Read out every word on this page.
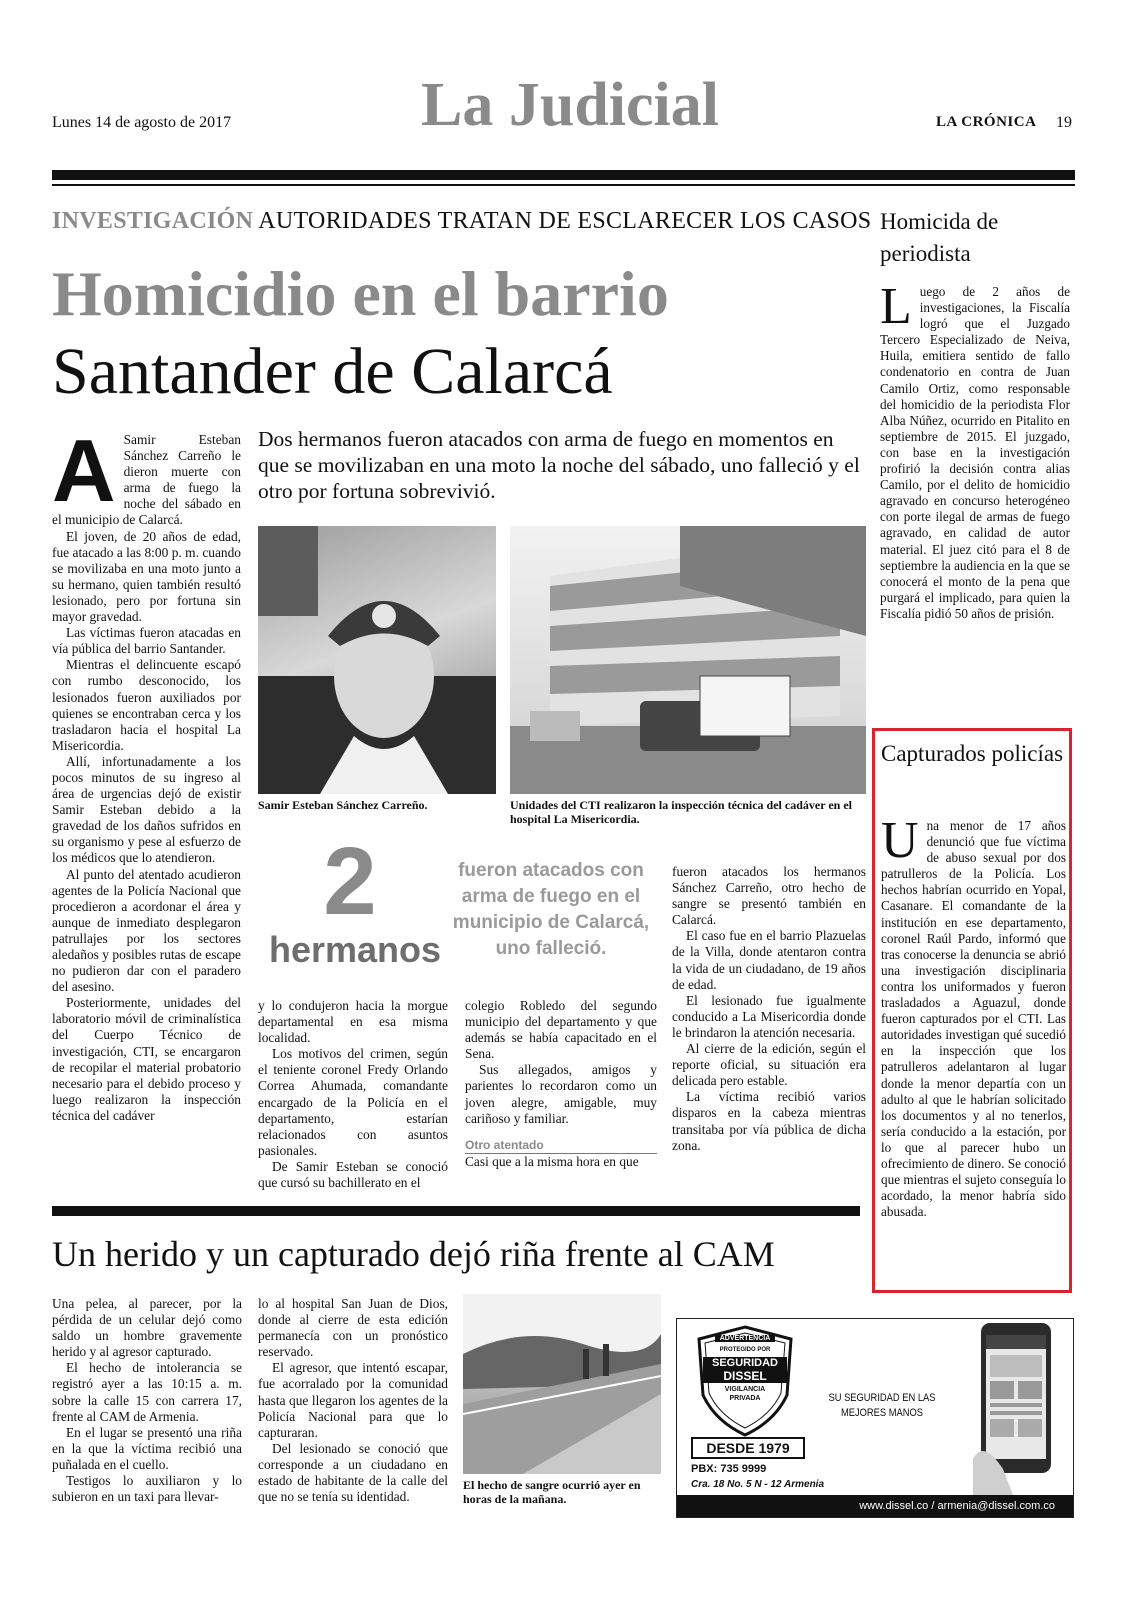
Lunes 14 de agosto de 2017	La Judicial	LA CRÓNICA 19
INVESTIGACIÓN AUTORIDADES TRATAN DE ESCLARECER LOS CASOS
Homicidio en el barrio
Santander de Calarcá
Dos hermanos fueron atacados con arma de fuego en momentos en que se movilizaban en una moto la noche del sábado, uno falleció y el otro por fortuna sobrevivió.
A Samir Esteban Sánchez Carreño le dieron muerte con arma de fuego la noche del sábado en el municipio de Calarcá.

El joven, de 20 años de edad, fue atacado a las 8:00 p. m. cuando se movilizaba en una moto junto a su hermano, quien también resultó lesionado, pero por fortuna sin mayor gravedad.

Las víctimas fueron atacadas en vía pública del barrio Santander.

Mientras el delincuente escapó con rumbo desconocido, los lesionados fueron auxiliados por quienes se encontraban cerca y los trasladaron hacia el hospital La Misericordia.

Allí, infortunadamente a los pocos minutos de su ingreso al área de urgencias dejó de existir Samir Esteban debido a la gravedad de los daños sufridos en su organismo y pese al esfuerzo de los médicos que lo atendieron.

Al punto del atentado acudieron agentes de la Policía Nacional que procedieron a acordonar el área y aunque de inmediato desplegaron patrullajes por los sectores aledaños y posibles rutas de escape no pudieron dar con el paradero del asesino.

Posteriormente, unidades del laboratorio móvil de criminalística del Cuerpo Técnico de investigación, CTI, se encargaron de recopilar el material probatorio necesario para el debido proceso y luego realizaron la inspección técnica del cadáver

Samir Esteban Sánchez Carreño.	Unidades del CTI realizaron la inspección técnica del cadáver en el hospital La Misericordia.
2
hermanos
fueron atacados con arma de fuego en el municipio de Calarcá, uno falleció.

y lo condujeron hacia la morgue departamental en esa misma localidad.

Los motivos del crimen, según el teniente coronel Fredy Orlando Correa Ahumada, comandante encargado de la Policía en el departamento, estarían relacionados con asuntos pasionales.

De Samir Esteban se conoció que cursó su bachillerato en el

colegio Robledo del segundo municipio del departamento y que además se había capacitado en el Sena.

Sus allegados, amigos y parientes lo recordaron como un joven alegre, amigable, muy cariñoso y familiar.

Otro atentado

Casi que a la misma hora en que

fueron atacados los hermanos Sánchez Carreño, otro hecho de sangre se presentó también en Calarcá.

El caso fue en el barrio Plazuelas de la Villa, donde atentaron contra la vida de un ciudadano, de 19 años de edad.

El lesionado fue igualmente conducido a La Misericordia donde le brindaron la atención necesaria.

Al cierre de la edición, según el reporte oficial, su situación era delicada pero estable.

La víctima recibió varios disparos en la cabeza mientras transitaba por vía pública de dicha zona.

Homicida de periodista
L uego de 2 años de investigaciones, la Fiscalía logró que el Juzgado Tercero Especializado de Neiva, Huila, emitiera sentido de fallo condenatorio en contra de Juan Camilo Ortiz, como responsable del homicidio de la periodista Flor Alba Núñez, ocurrido en Pitalito en septiembre de 2015. El juzgado, con base en la investigación profirió la decisión contra alias Camilo, por el delito de homicidio agravado en concurso heterogéneo con porte ilegal de armas de fuego agravado, en calidad de autor material. El juez citó para el 8 de septiembre la audiencia en la que se conocerá el monto de la pena que purgará el implicado, para quien la Fiscalía pidió 50 años de prisión.

Capturados policías
U na menor de 17 años denunció que fue víctima de abuso sexual por dos patrulleros de la Policía. Los hechos habrían ocurrido en Yopal, Casanare. El comandante de la institución en ese departamento, coronel Raúl Pardo, informó que tras conocerse la denuncia se abrió una investigación disciplinaria contra los uniformados y fueron trasladados a Aguazul, donde fueron capturados por el CTI. Las autoridades investigan qué sucedió en la inspección que los patrulleros adelantaron al lugar donde la menor departía con un adulto al que le habrían solicitado los documentos y al no tenerlos, sería conducido a la estación, por lo que al parecer hubo un ofrecimiento de dinero. Se conoció que mientras el sujeto conseguía lo acordado, la menor habría sido abusada.

Un herido y un capturado dejó riña frente al CAM

Una pelea, al parecer, por la pérdida de un celular dejó como saldo un hombre gravemente herido y al agresor capturado.

El hecho de intolerancia se registró ayer a las 10:15 a. m. sobre la calle 15 con carrera 17, frente al CAM de Armenia.

En el lugar se presentó una riña en la que la víctima recibió una puñalada en el cuello.

Testigos lo auxiliaron y lo subieron en un taxi para llevar-

lo al hospital San Juan de Dios, donde al cierre de esta edición permanecía con un pronóstico reservado.

El agresor, que intentó escapar, fue acorralado por la comunidad hasta que llegaron los agentes de la Policía Nacional para que lo capturaran.

Del lesionado se conoció que corresponde a un ciudadano en estado de habitante de la calle del que no se tenía su identidad.

El hecho de sangre ocurrió ayer en horas de la mañana.
ADVERTENCIA
PROTEGIDO POR
SEGURIDAD
DISSEL
VIGILANCIA PRIVADA
DESDE 1979
SU SEGURIDAD EN LAS
MEJORES MANOS
PBX: 735 9999
Cra. 18 No. 5 N - 12 Armenia
www.dissel.co / armenia@dissel.com.co
